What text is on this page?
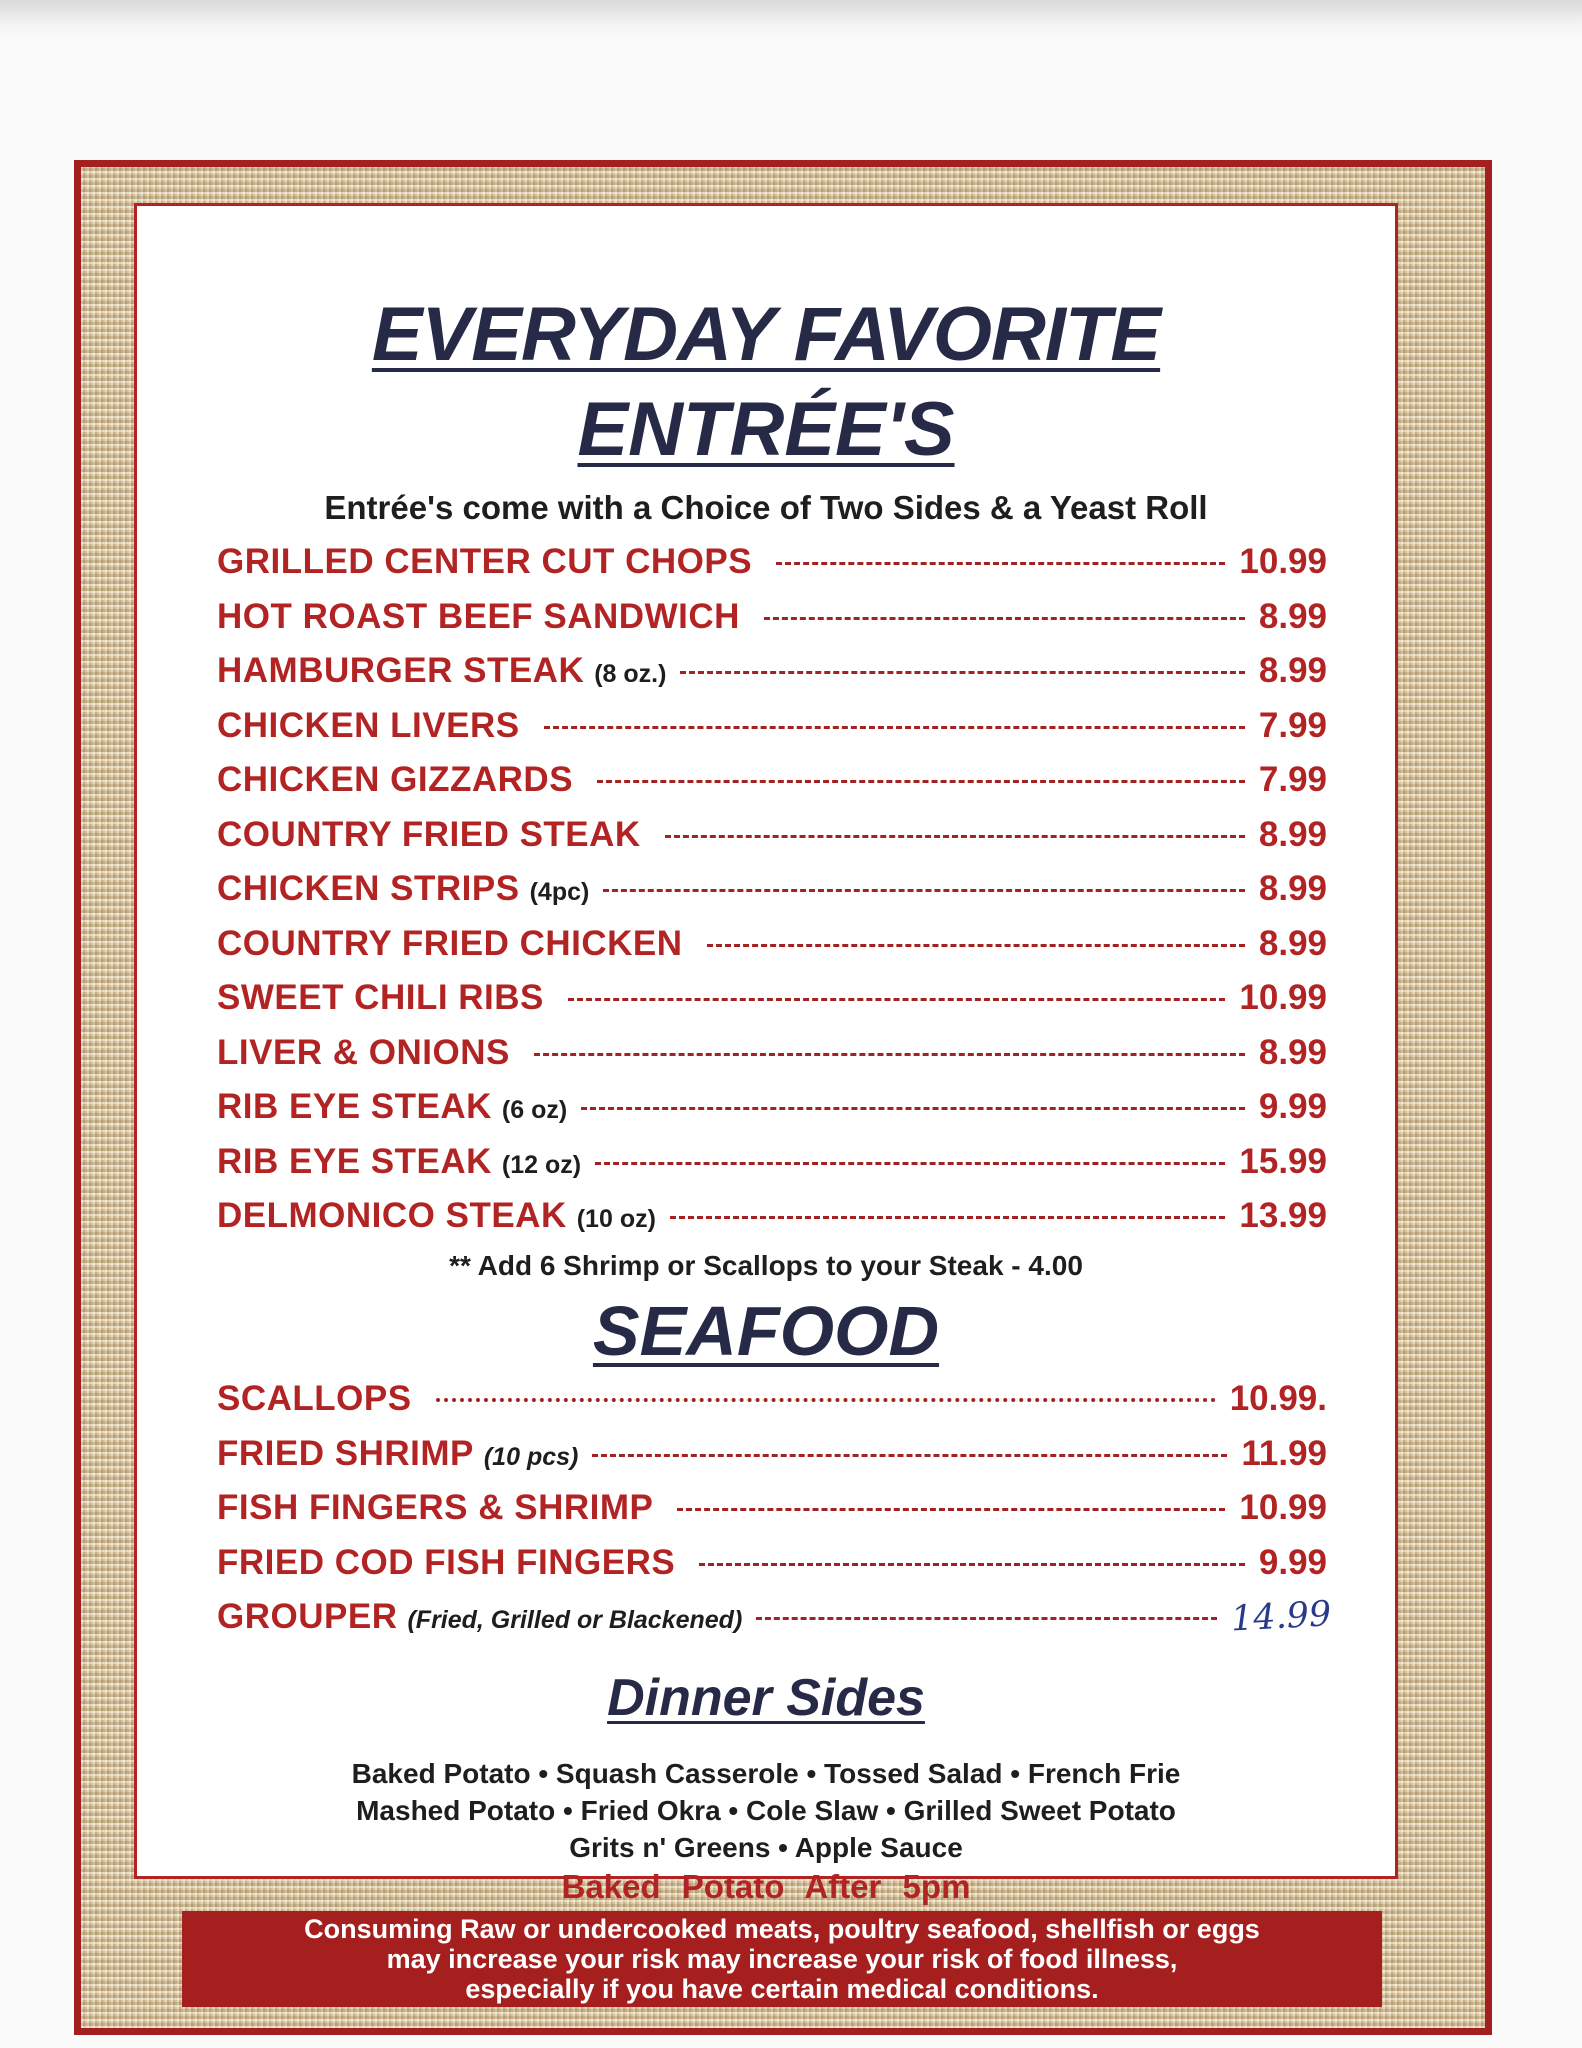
EVERYDAY FAVORITE
ENTRÉE'S
Entrée's come with a Choice of Two Sides & a Yeast Roll
GRILLED CENTER CUT CHOPS	10.99
HOT ROAST BEEF SANDWICH	8.99
HAMBURGER STEAK (8 oz.)	8.99
CHICKEN LIVERS	7.99
CHICKEN GIZZARDS	7.99
COUNTRY FRIED STEAK	8.99
CHICKEN STRIPS (4pc)	8.99
COUNTRY FRIED CHICKEN	8.99
SWEET CHILI RIBS	10.99
LIVER & ONIONS	8.99
RIB EYE STEAK (6 oz)	9.99
RIB EYE STEAK (12 oz)	15.99
DELMONICO STEAK (10 oz)	13.99
** Add 6 Shrimp or Scallops to your Steak - 4.00
SEAFOOD
SCALLOPS	10.99.
FRIED SHRIMP (10 pcs)	11.99
FISH FINGERS & SHRIMP	10.99
FRIED COD FISH FINGERS	9.99
GROUPER (Fried, Grilled or Blackened)	14.99
Dinner Sides
Baked Potato • Squash Casserole • Tossed Salad • French Frie
Mashed Potato • Fried Okra • Cole Slaw • Grilled Sweet Potato
Grits n' Greens • Apple Sauce
Baked Potato After 5pm
Consuming Raw or undercooked meats, poultry seafood, shellfish or eggs
may increase your risk may increase your risk of food illness,
especially if you have certain medical conditions.
